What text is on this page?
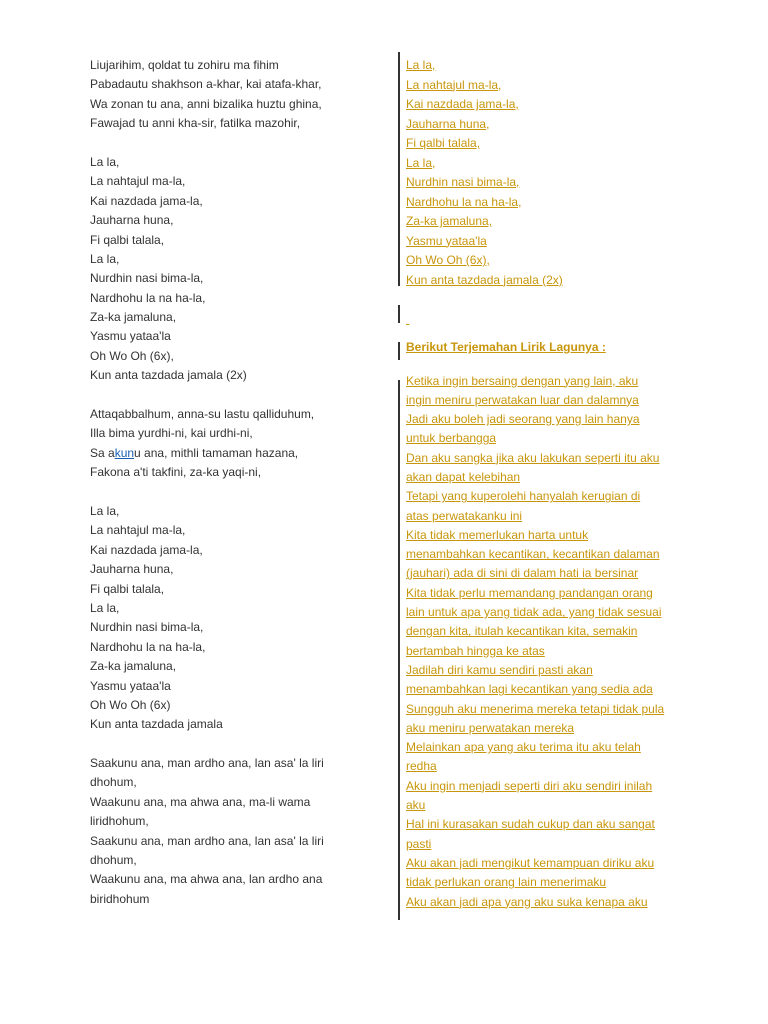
Liujarihim, qoldat tu zohiru ma fihim
Pabadautu shakhson a-khar, kai atafa-khar,
Wa zonan tu ana, anni bizalika huztu ghina,
Fawajad tu anni kha-sir, fatilka mazohir,
La la,
La nahtajul ma-la,
Kai nazdada jama-la,
Jauharna huna,
Fi qalbi talala,
La la,
Nurdhin nasi bima-la,
Nardhohu la na ha-la,
Za-ka jamaluna,
Yasmu yataa'la
Oh Wo Oh (6x),
Kun anta tazdada jamala (2x)
Attaqabbalhum, anna-su lastu qalliduhum,
Illa bima yurdhi-ni, kai urdhi-ni,
Sa akunu ana, mithli tamaman hazana,
Fakona a'ti takfini, za-ka yaqi-ni,
La la,
La nahtajul ma-la,
Kai nazdada jama-la,
Jauharna huna,
Fi qalbi talala,
La la,
Nurdhin nasi bima-la,
Nardhohu la na ha-la,
Za-ka jamaluna,
Yasmu yataa'la
Oh Wo Oh (6x)
Kun anta tazdada jamala
Saakunu ana, man ardho ana, lan asa' la liri
dhohum,
Waakunu ana, ma ahwa ana, ma-li wama
liridhohum,
Saakunu ana, man ardho ana, lan asa' la liri
dhohum,
Waakunu ana, ma ahwa ana, lan ardho ana
biridhohum
La la,
La nahtajul ma-la,
Kai nazdada jama-la,
Jauharna huna,
Fi qalbi talala,
La la,
Nurdhin nasi bima-la,
Nardhohu la na ha-la,
Za-ka jamaluna,
Yasmu yataa'la
Oh Wo Oh (6x),
Kun anta tazdada jamala (2x)

Berikut Terjemahan Lirik Lagunya :
Ketika ingin bersaing dengan yang lain, aku
ingin meniru perwatakan luar dan dalamnya
Jadi aku boleh jadi seorang yang lain hanya
untuk berbangga
Dan aku sangka jika aku lakukan seperti itu aku
akan dapat kelebihan
Tetapi yang kuperolehi hanyalah kerugian di
atas perwatakanku ini
Kita tidak memerlukan harta untuk
menambahkan kecantikan, kecantikan dalaman
(jauhari) ada di sini di dalam hati ia bersinar
Kita tidak perlu memandang pandangan orang
lain untuk apa yang tidak ada, yang tidak sesuai
dengan kita, itulah kecantikan kita, semakin
bertambah hingga ke atas
Jadilah diri kamu sendiri pasti akan
menambahkan lagi kecantikan yang sedia ada
Sungguh aku menerima mereka tetapi tidak pula
aku meniru perwatakan mereka
Melainkan apa yang aku terima itu aku telah
redha
Aku ingin menjadi seperti diri aku sendiri inilah
aku
Hal ini kurasakan sudah cukup dan aku sangat
pasti
Aku akan jadi mengikut kemampuan diriku aku
tidak perlukan orang lain menerimaku
Aku akan jadi apa yang aku suka kenapa aku
